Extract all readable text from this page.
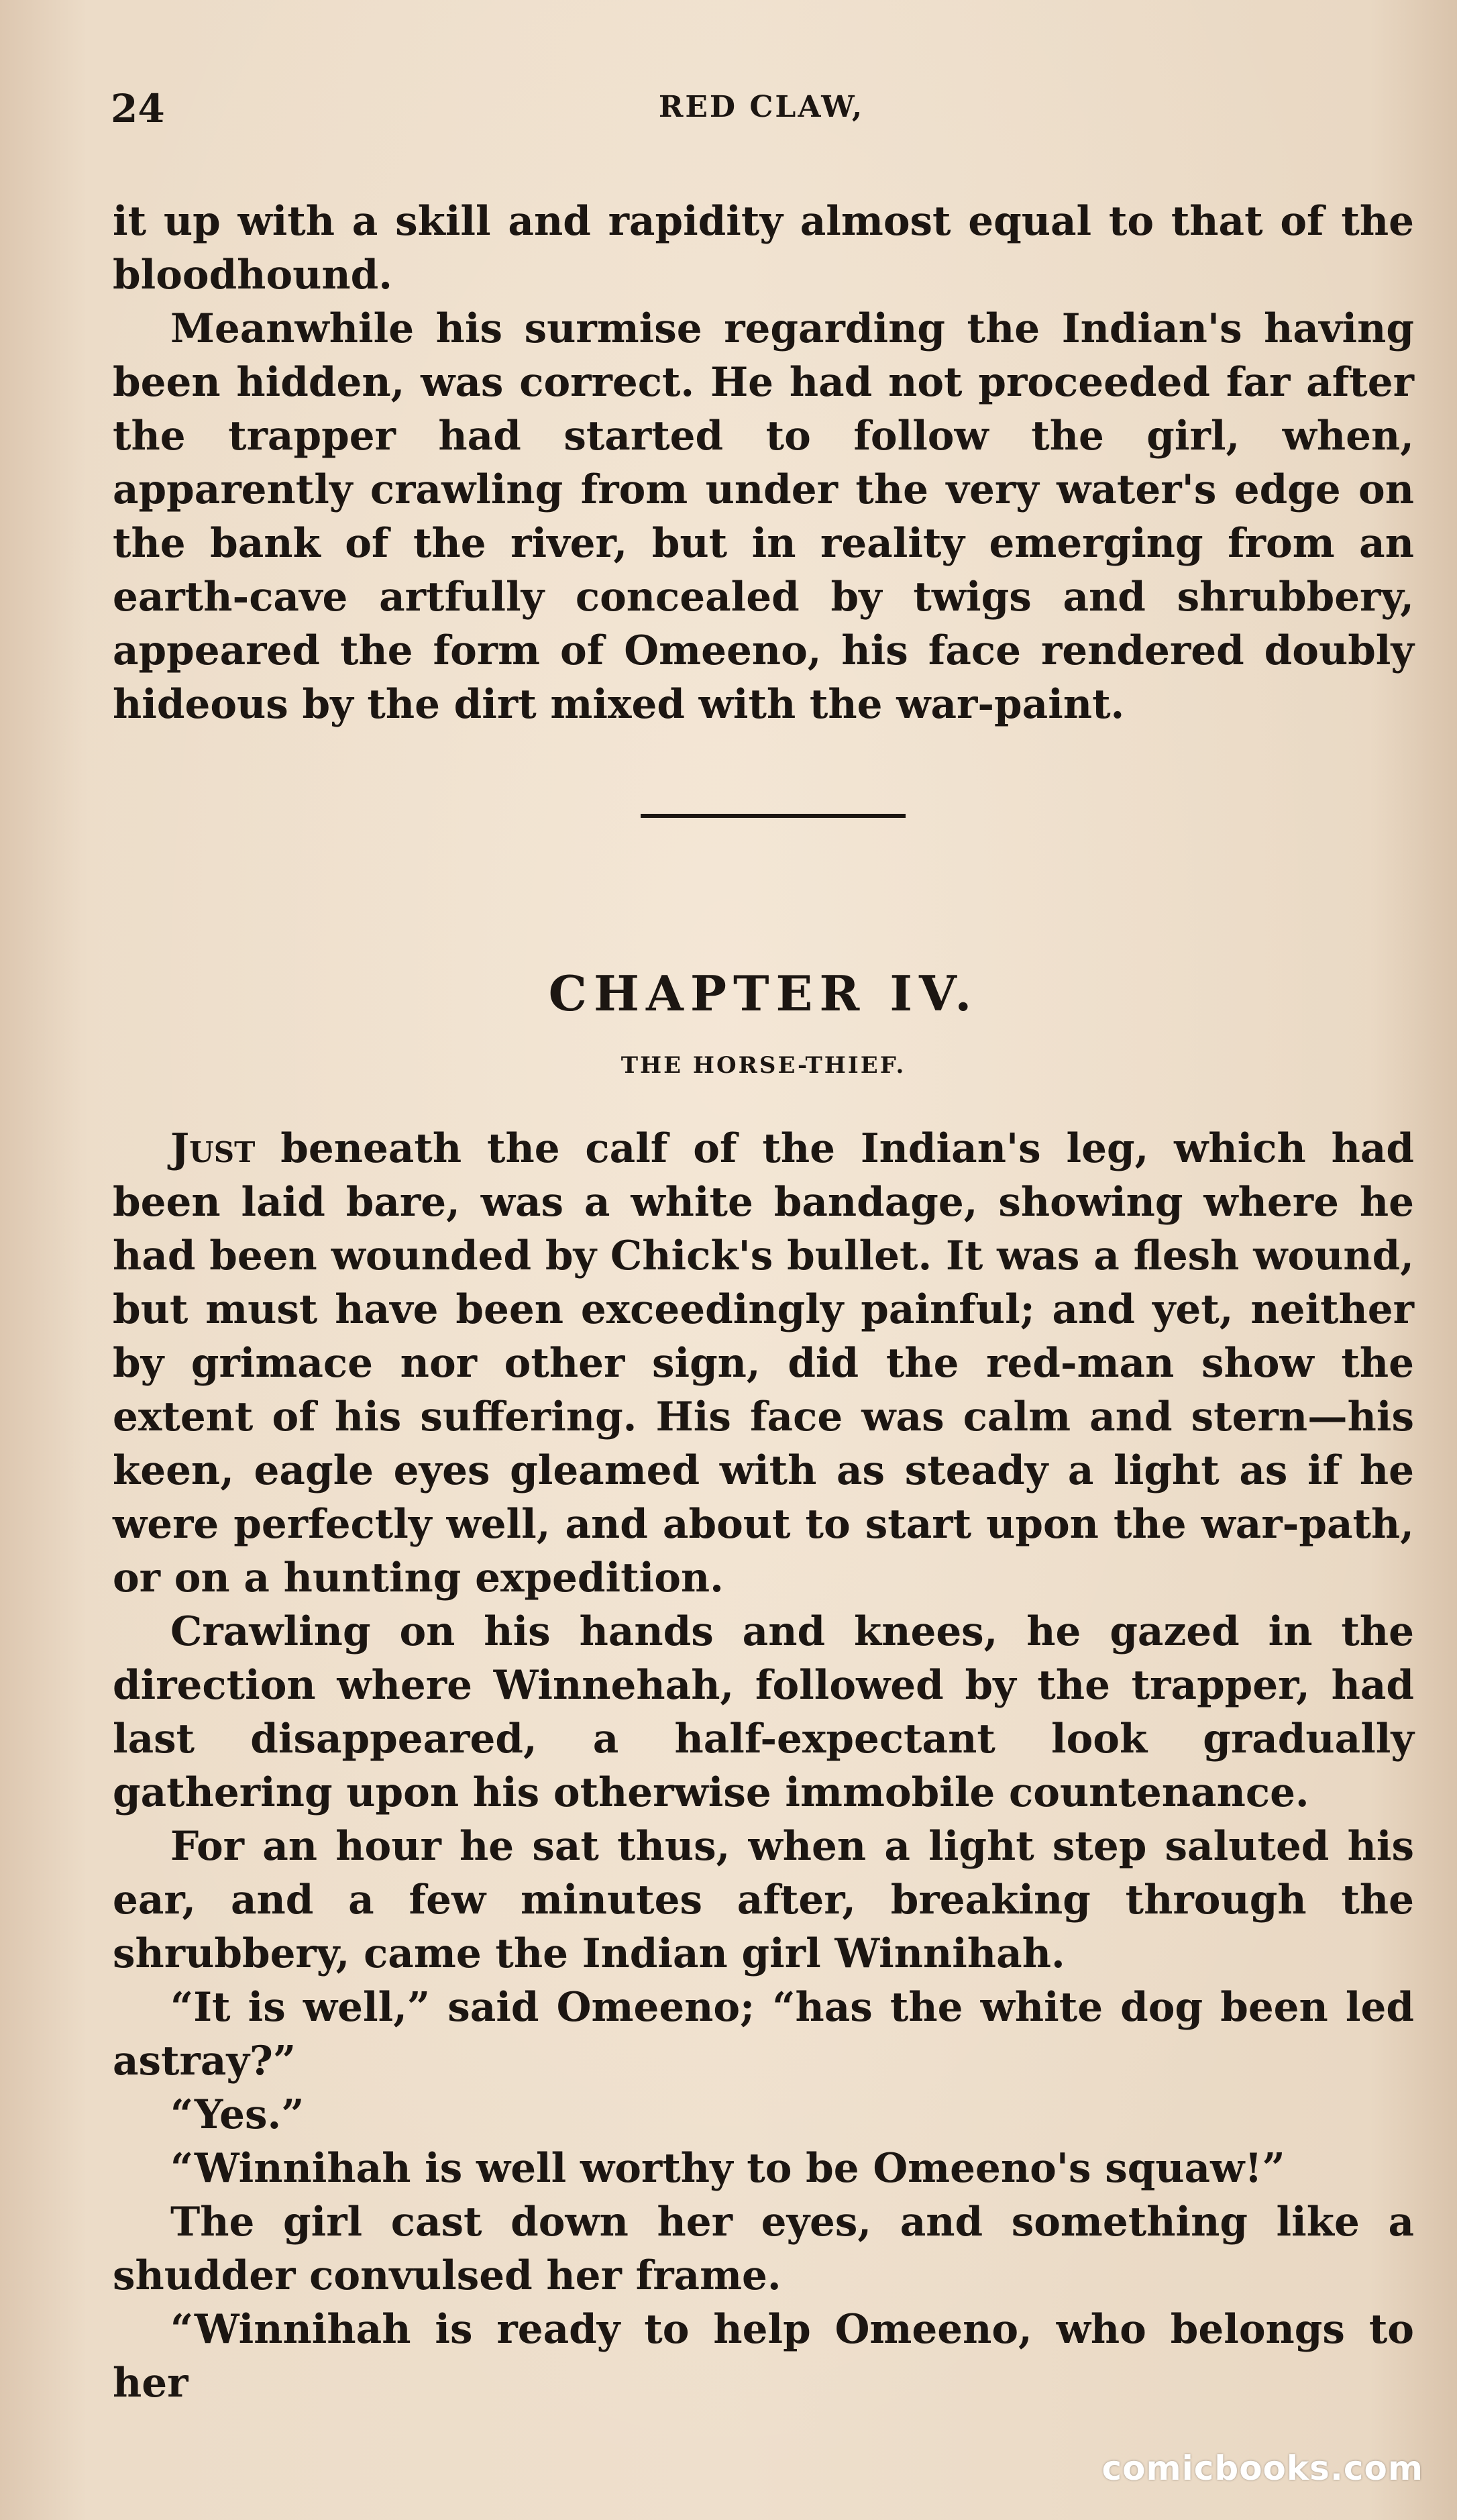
24	RED CLAW,

it up with a skill and rapidity almost equal to that of the bloodhound.

Meanwhile his surmise regarding the Indian's having been hidden, was correct. He had not proceeded far after the trapper had started to follow the girl, when, apparently crawling from under the very water's edge on the bank of the river, but in reality emerging from an earth-cave artfully concealed by twigs and shrubbery, appeared the form of Omeeno, his face rendered doubly hideous by the dirt mixed with the war-paint.

CHAPTER IV.
THE HORSE-THIEF.

Just beneath the calf of the Indian's leg, which had been laid bare, was a white bandage, showing where he had been wounded by Chick's bullet. It was a flesh wound, but must have been exceedingly painful; and yet, neither by grimace nor other sign, did the red-man show the extent of his suffering. His face was calm and stern—his keen, eagle eyes gleamed with as steady a light as if he were perfectly well, and about to start upon the war-path, or on a hunting expedition.

Crawling on his hands and knees, he gazed in the direction where Winnehah, followed by the trapper, had last disappeared, a half-expectant look gradually gathering upon his otherwise immobile countenance.

For an hour he sat thus, when a light step saluted his ear, and a few minutes after, breaking through the shrubbery, came the Indian girl Winnihah.

“It is well,” said Omeeno; “has the white dog been led astray?”

“Yes.”

“Winnihah is well worthy to be Omeeno's squaw!”

The girl cast down her eyes, and something like a shudder convulsed her frame.

“Winnihah is ready to help Omeeno, who belongs to her

comicbooks.com
